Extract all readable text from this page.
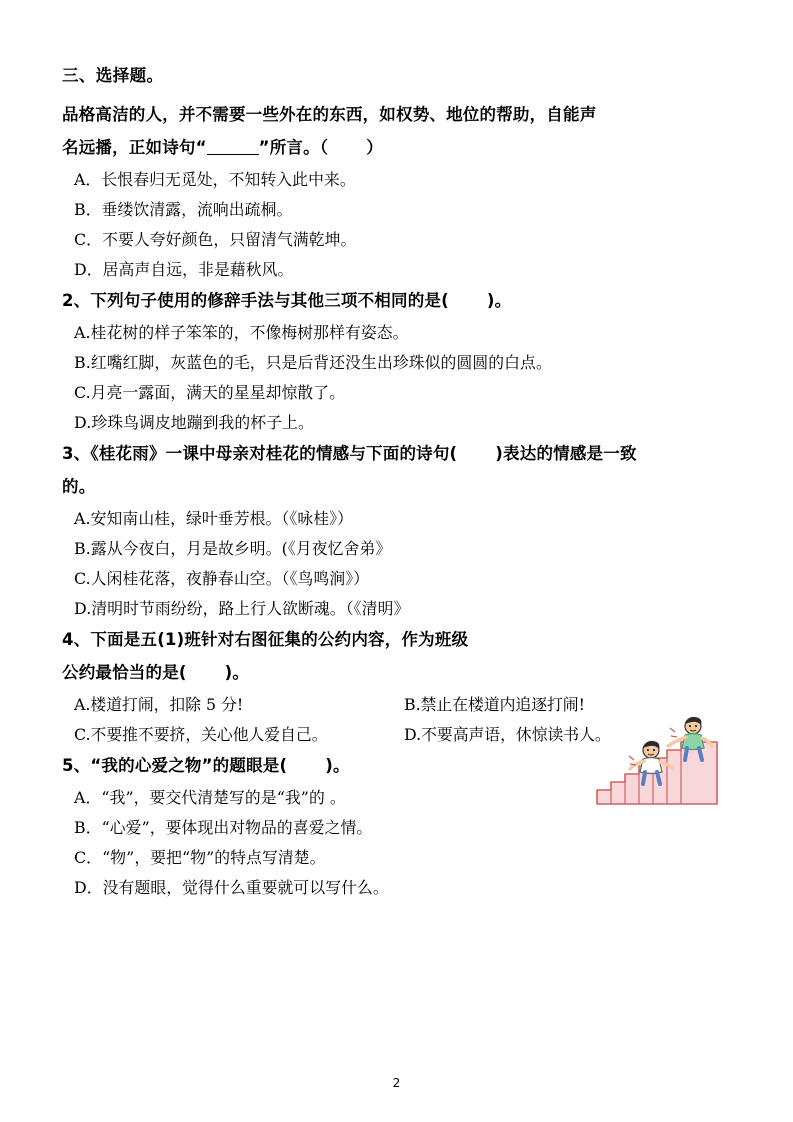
三、选择题。
品格高洁的人，并不需要一些外在的东西，如权势、地位的帮助，自能声
名远播，正如诗句“	”所言。（ ）
A．长恨春归无觅处，不知转入此中来。
B．垂缕饮清露，流响出疏桐。
C．不要人夸好颜色，只留清气满乾坤。
D．居高声自远，非是藉秋风。
2、下列句子使用的修辞手法与其他三项不相同的是( )。
A.桂花树的样子笨笨的，不像梅树那样有姿态。
B.红嘴红脚，灰蓝色的毛，只是后背还没生出珍珠似的圆圆的白点。
C.月亮一露面，满天的星星却惊散了。
D.珍珠鸟调皮地蹦到我的杯子上。
3、《桂花雨》一课中母亲对桂花的情感与下面的诗句( )表达的情感是一致
的。
A.安知南山桂，绿叶垂芳根。（《咏桂》）
B.露从今夜白，月是故乡明。(《月夜忆舍弟》
C.人闲桂花落，夜静春山空。（《鸟鸣涧》）
D.清明时节雨纷纷，路上行人欲断魂。（《清明》
4、下面是五(1)班针对右图征集的公约内容，作为班级
公约最恰当的是( )。
A.楼道打闹，扣除 5 分!	B.禁止在楼道内追逐打闹!
C.不要推不要挤，关心他人爱自己。	D.不要高声语，休惊读书人。
5、“我的心爱之物”的题眼是( )。
A．“我”，要交代清楚写的是“我”的 。
B．“心爱”，要体现出对物品的喜爱之情。
C．“物”，要把“物”的特点写清楚。
D．没有题眼，觉得什么重要就可以写什么。
2
